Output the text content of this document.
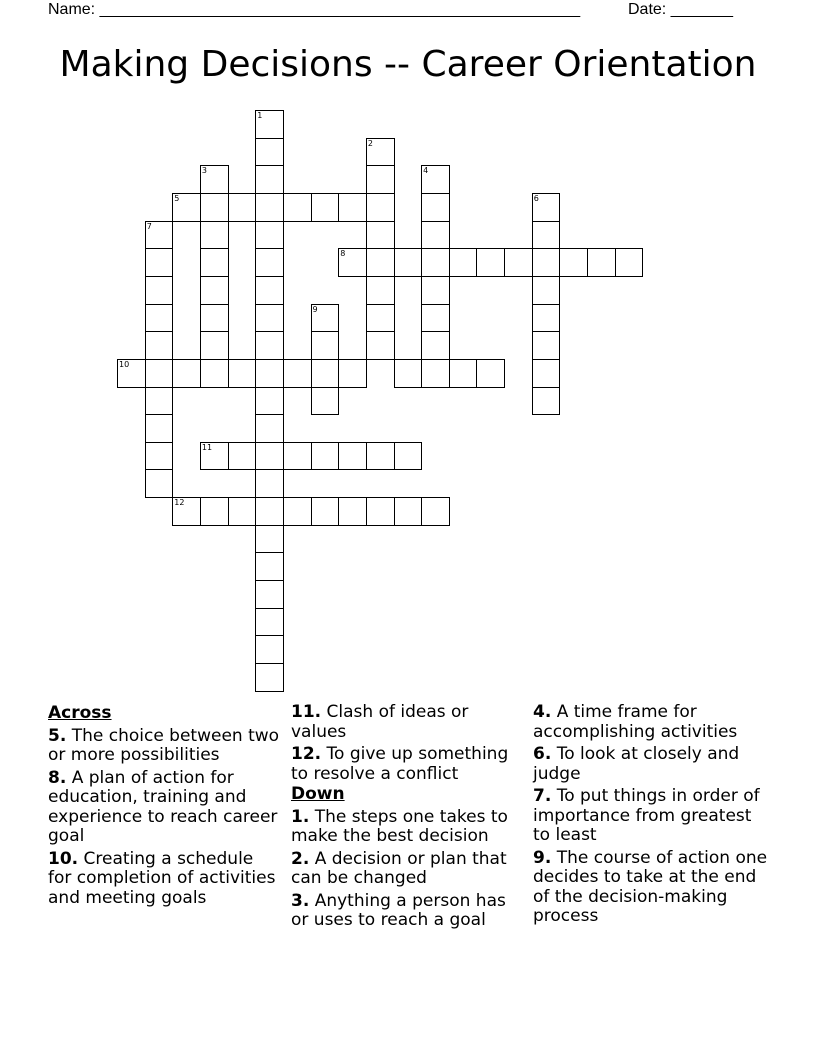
Name: ______________________________________________________	Date: _______
Making Decisions -- Career Orientation
1
2
3	4
5	6
7
8
9
10
11
12
Across
5. The choice between two or more possibilities
8. A plan of action for education, training and experience to reach career goal
10. Creating a schedule for completion of activities and meeting goals
11. Clash of ideas or values
12. To give up something to resolve a conflict
Down
1. The steps one takes to make the best decision
2. A decision or plan that can be changed
3. Anything a person has or uses to reach a goal
4. A time frame for accomplishing activities
6. To look at closely and judge
7. To put things in order of importance from greatest to least
9. The course of action one decides to take at the end of the decision-making process
